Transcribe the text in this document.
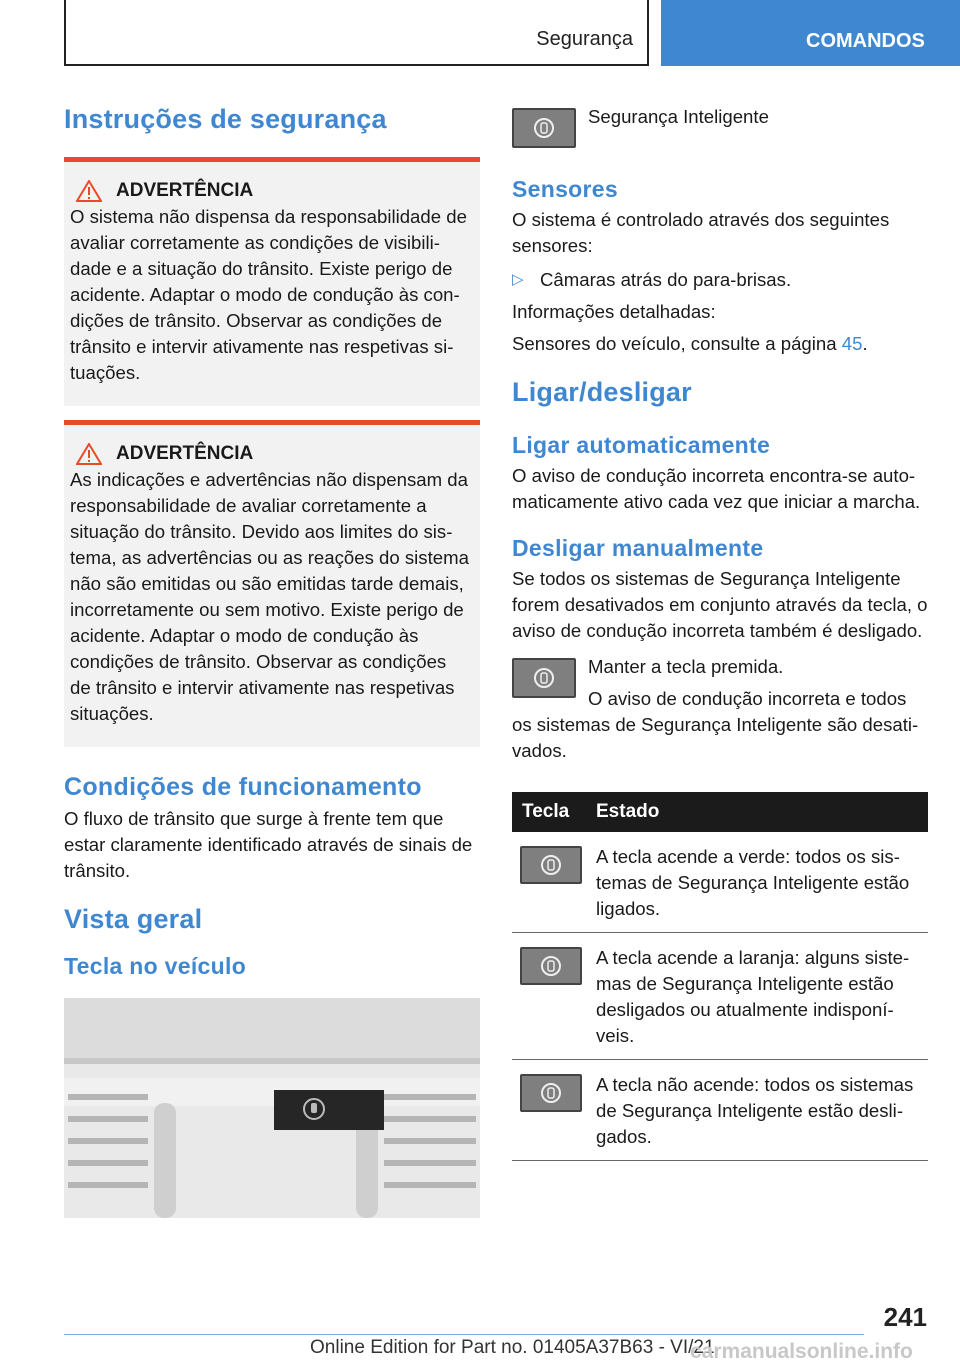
Segurança	COMANDOS
Instruções de segurança
ADVERTÊNCIA

O sistema não dispensa da responsabilidade de avaliar corretamente as condições de visibilidade e a situação do trânsito. Existe perigo de acidente. Adaptar o modo de condução às condições de trânsito. Observar as condições de trânsito e intervir ativamente nas respetivas situações.

ADVERTÊNCIA

As indicações e advertências não dispensam da responsabilidade de avaliar corretamente a situação do trânsito. Devido aos limites do sistema, as advertências ou as reações do sistema não são emitidas ou são emitidas tarde demais, incorretamente ou sem motivo. Existe perigo de acidente. Adaptar o modo de condução às condições de trânsito. Observar as condições de trânsito e intervir ativamente nas respetivas situações.

Condições de funcionamento

O fluxo de trânsito que surge à frente tem que estar claramente identificado através de sinais de trânsito.

Vista geral
Tecla no veículo

Segurança Inteligente

Sensores

O sistema é controlado através dos seguintes sensores:

▷ Câmaras atrás do para-brisas.

Informações detalhadas:

Sensores do veículo, consulte a página 45.

Ligar/desligar
Ligar automaticamente

O aviso de condução incorreta encontra-se automaticamente ativo cada vez que iniciar a marcha.

Desligar manualmente

Se todos os sistemas de Segurança Inteligente forem desativados em conjunto através da tecla, o aviso de condução incorreta também é desligado.

Manter a tecla premida.

O aviso de condução incorreta e todos

os sistemas de Segurança Inteligente são desativados.

Tecla	Estado

	A tecla acende a verde: todos os sistemas de Segurança Inteligente estão ligados.

	A tecla acende a laranja: alguns sistemas de Segurança Inteligente estão desligados ou atualmente indisponíveis.

	A tecla não acende: todos os sistemas de Segurança Inteligente estão desligados.
241
Online Edition for Part no. 01405A37B63 - VI/21
carmanualsonline.info
